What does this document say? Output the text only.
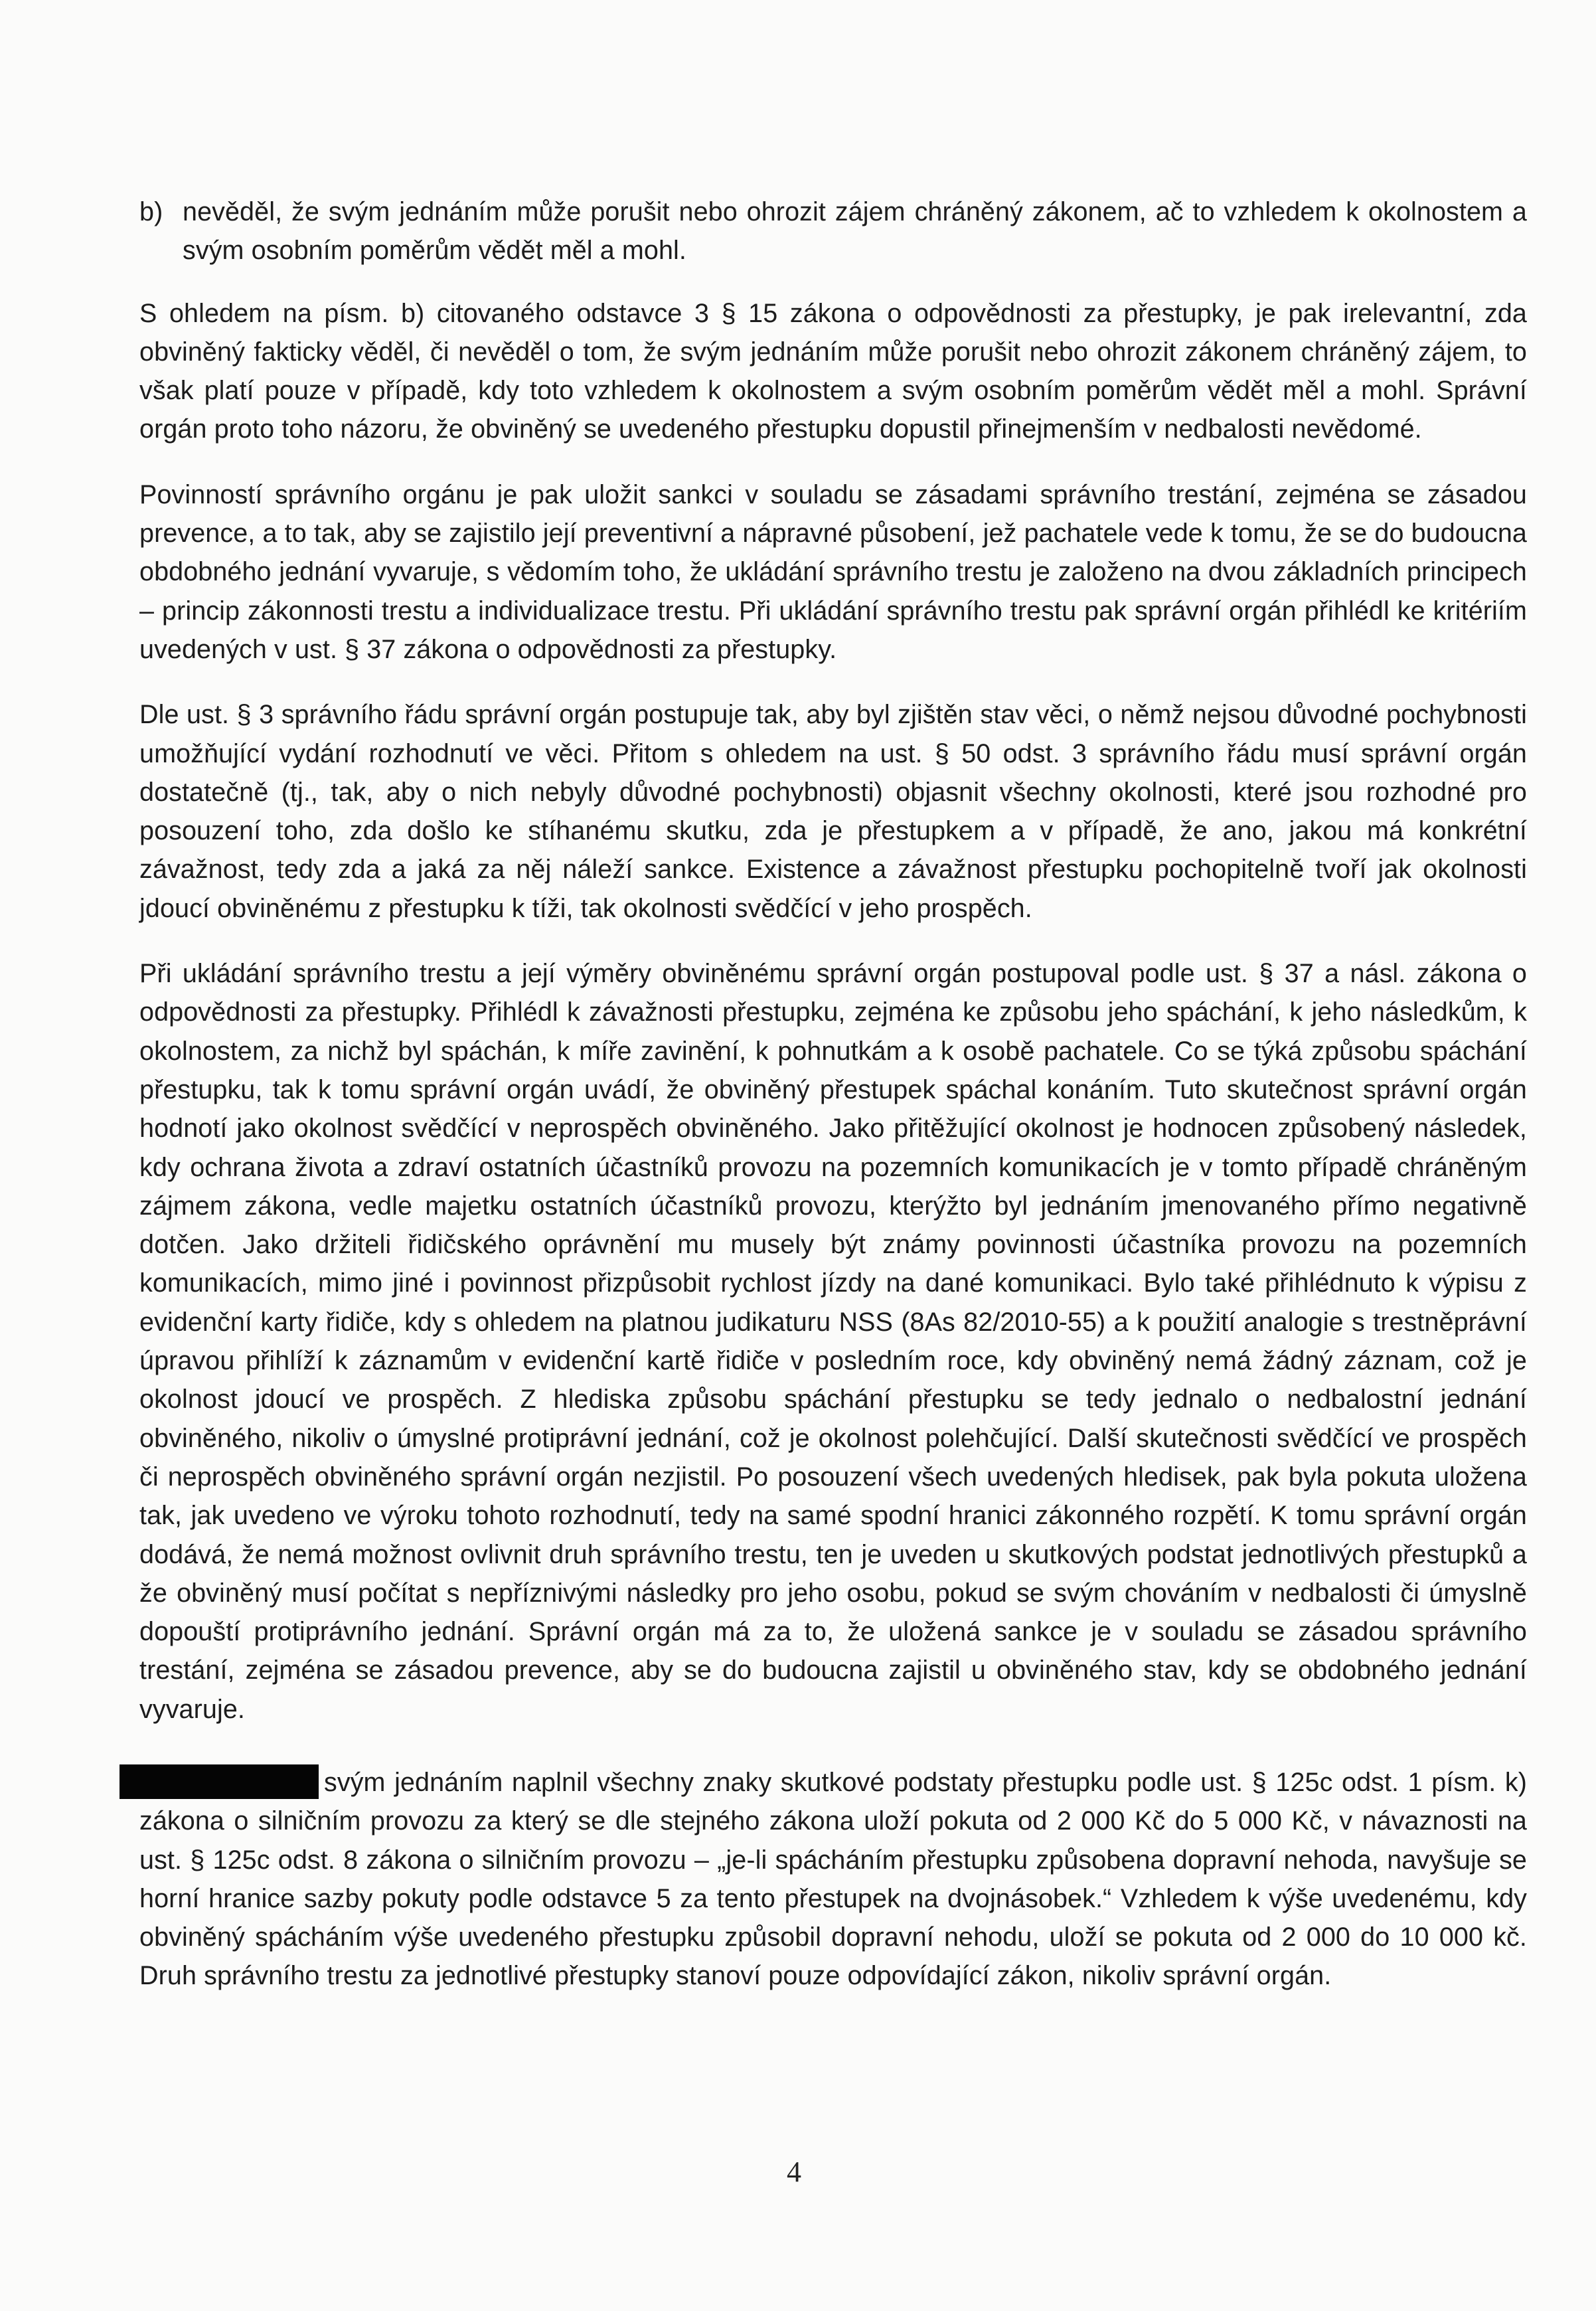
b) nevěděl, že svým jednáním může porušit nebo ohrozit zájem chráněný zákonem, ač to vzhledem k okolnostem a svým osobním poměrům vědět měl a mohl.

S ohledem na písm. b) citovaného odstavce 3 § 15 zákona o odpovědnosti za přestupky, je pak irelevantní, zda obviněný fakticky věděl, či nevěděl o tom, že svým jednáním může porušit nebo ohrozit zákonem chráněný zájem, to však platí pouze v případě, kdy toto vzhledem k okolnostem a svým osobním poměrům vědět měl a mohl. Správní orgán proto toho názoru, že obviněný se uvedeného přestupku dopustil přinejmenším v nedbalosti nevědomé.

Povinností správního orgánu je pak uložit sankci v souladu se zásadami správního trestání, zejména se zásadou prevence, a to tak, aby se zajistilo její preventivní a nápravné působení, jež pachatele vede k tomu, že se do budoucna obdobného jednání vyvaruje, s vědomím toho, že ukládání správního trestu je založeno na dvou základních principech – princip zákonnosti trestu a individualizace trestu. Při ukládání správního trestu pak správní orgán přihlédl ke kritériím uvedených v ust. § 37 zákona o odpovědnosti za přestupky.

Dle ust. § 3 správního řádu správní orgán postupuje tak, aby byl zjištěn stav věci, o němž nejsou důvodné pochybnosti umožňující vydání rozhodnutí ve věci. Přitom s ohledem na ust. § 50 odst. 3 správního řádu musí správní orgán dostatečně (tj., tak, aby o nich nebyly důvodné pochybnosti) objasnit všechny okolnosti, které jsou rozhodné pro posouzení toho, zda došlo ke stíhanému skutku, zda je přestupkem a v případě, že ano, jakou má konkrétní závažnost, tedy zda a jaká za něj náleží sankce. Existence a závažnost přestupku pochopitelně tvoří jak okolnosti jdoucí obviněnému z přestupku k tíži, tak okolnosti svědčící v jeho prospěch.

Při ukládání správního trestu a její výměry obviněnému správní orgán postupoval podle ust. § 37 a násl. zákona o odpovědnosti za přestupky. Přihlédl k závažnosti přestupku, zejména ke způsobu jeho spáchání, k jeho následkům, k okolnostem, za nichž byl spáchán, k míře zavinění, k pohnutkám a k osobě pachatele. Co se týká způsobu spáchání přestupku, tak k tomu správní orgán uvádí, že obviněný přestupek spáchal konáním. Tuto skutečnost správní orgán hodnotí jako okolnost svědčící v neprospěch obviněného. Jako přitěžující okolnost je hodnocen způsobený následek, kdy ochrana života a zdraví ostatních účastníků provozu na pozemních komunikacích je v tomto případě chráněným zájmem zákona, vedle majetku ostatních účastníků provozu, kterýžto byl jednáním jmenovaného přímo negativně dotčen. Jako držiteli řidičského oprávnění mu musely být známy povinnosti účastníka provozu na pozemních komunikacích, mimo jiné i povinnost přizpůsobit rychlost jízdy na dané komunikaci. Bylo také přihlédnuto k výpisu z evidenční karty řidiče, kdy s ohledem na platnou judikaturu NSS (8As 82/2010-55) a k použití analogie s trestněprávní úpravou přihlíží k záznamům v evidenční kartě řidiče v posledním roce, kdy obviněný nemá žádný záznam, což je okolnost jdoucí ve prospěch. Z hlediska způsobu spáchání přestupku se tedy jednalo o nedbalostní jednání obviněného, nikoliv o úmyslné protiprávní jednání, což je okolnost polehčující. Další skutečnosti svědčící ve prospěch či neprospěch obviněného správní orgán nezjistil. Po posouzení všech uvedených hledisek, pak byla pokuta uložena tak, jak uvedeno ve výroku tohoto rozhodnutí, tedy na samé spodní hranici zákonného rozpětí. K tomu správní orgán dodává, že nemá možnost ovlivnit druh správního trestu, ten je uveden u skutkových podstat jednotlivých přestupků a že obviněný musí počítat s nepříznivými následky pro jeho osobu, pokud se svým chováním v nedbalosti či úmyslně dopouští protiprávního jednání. Správní orgán má za to, že uložená sankce je v souladu se zásadou správního trestání, zejména se zásadou prevence, aby se do budoucna zajistil u obviněného stav, kdy se obdobného jednání vyvaruje.

svým jednáním naplnil všechny znaky skutkové podstaty přestupku podle ust. § 125c odst. 1 písm. k) zákona o silničním provozu za který se dle stejného zákona uloží pokuta od 2 000 Kč do 5 000 Kč, v návaznosti na ust. § 125c odst. 8 zákona o silničním provozu – „je-li spácháním přestupku způsobena dopravní nehoda, navyšuje se horní hranice sazby pokuty podle odstavce 5 za tento přestupek na dvojnásobek.“ Vzhledem k výše uvedenému, kdy obviněný spácháním výše uvedeného přestupku způsobil dopravní nehodu, uloží se pokuta od 2 000 do 10 000 kč. Druh správního trestu za jednotlivé přestupky stanoví pouze odpovídající zákon, nikoliv správní orgán.

4
